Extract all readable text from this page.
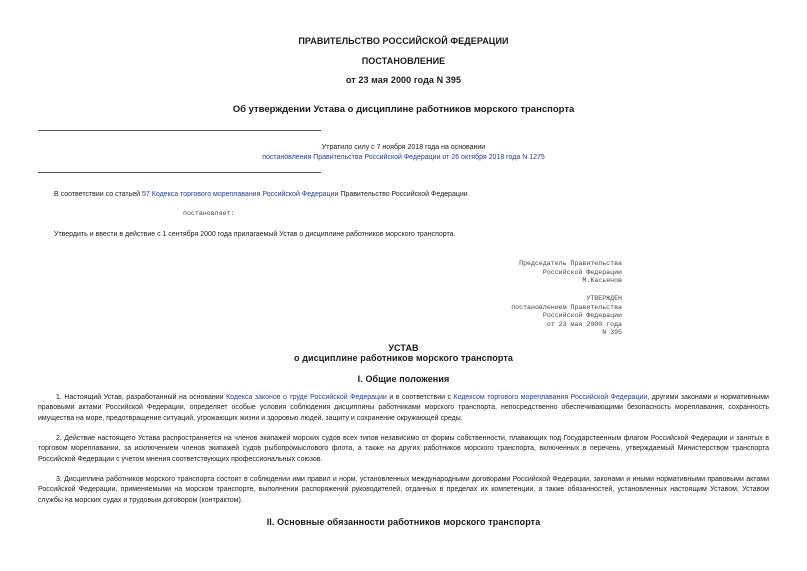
ПРАВИТЕЛЬСТВО РОССИЙСКОЙ ФЕДЕРАЦИИ
ПОСТАНОВЛЕНИЕ
от 23 мая 2000 года N 395
Об утверждении Устава о дисциплине работников морского транспорта
Утратило силу с 7 ноября 2018 года на основании
постановления Правительства Российской Федерации от 26 октября 2018 года N 1275
В соответствии со статьей 57 Кодекса торгового мореплавания Российской Федерации Правительство Российской Федерации
постановляет:
Утвердить и ввести в действие с 1 сентября 2000 года прилагаемый Устав о дисциплине работников морского транспорта.
Председатель Правительства
Российской Федерации
М.Касьянов
УТВЕРЖДЕН
постановлением Правительства
Российской Федерации
от 23 мая 2000 года
N 395
УСТАВ
о дисциплине работников морского транспорта
I. Общие положения
1. Настоящий Устав, разработанный на основании Кодекса законов о труде Российской Федерации и в соответствии с Кодексом торгового мореплавания Российской Федерации, другими законами и нормативными правовыми актами Российской Федерации, определяет особые условия соблюдения дисциплины работниками морского транспорта, непосредственно обеспечивающими безопасность мореплавания, сохранность имущества на море, предотвращение ситуаций, угрожающих жизни и здоровью людей, защиту и сохранение окружающей среды.
2. Действие настоящего Устава распространяется на членов экипажей морских судов всех типов независимо от формы собственности, плавающих под Государственным флагом Российской Федерации и занятых в торговом мореплавании, за исключением членов экипажей судов рыбопромыслового флота, а также на других работников морского транспорта, включенных в перечень, утверждаемый Министерством транспорта Российской Федерации с учетом мнения соответствующих профессиональных союзов.
3. Дисциплина работников морского транспорта состоит в соблюдении ими правил и норм, установленных международными договорами Российской Федерации, законами и иными нормативными правовыми актами Российской Федерации, применяемыми на морском транспорте, выполнении распоряжений руководителей, отданных в пределах их компетенции, а также обязанностей, установленных настоящим Уставом, Уставом службы на морских судах и трудовым договором (контрактом).
II. Основные обязанности работников морского транспорта
